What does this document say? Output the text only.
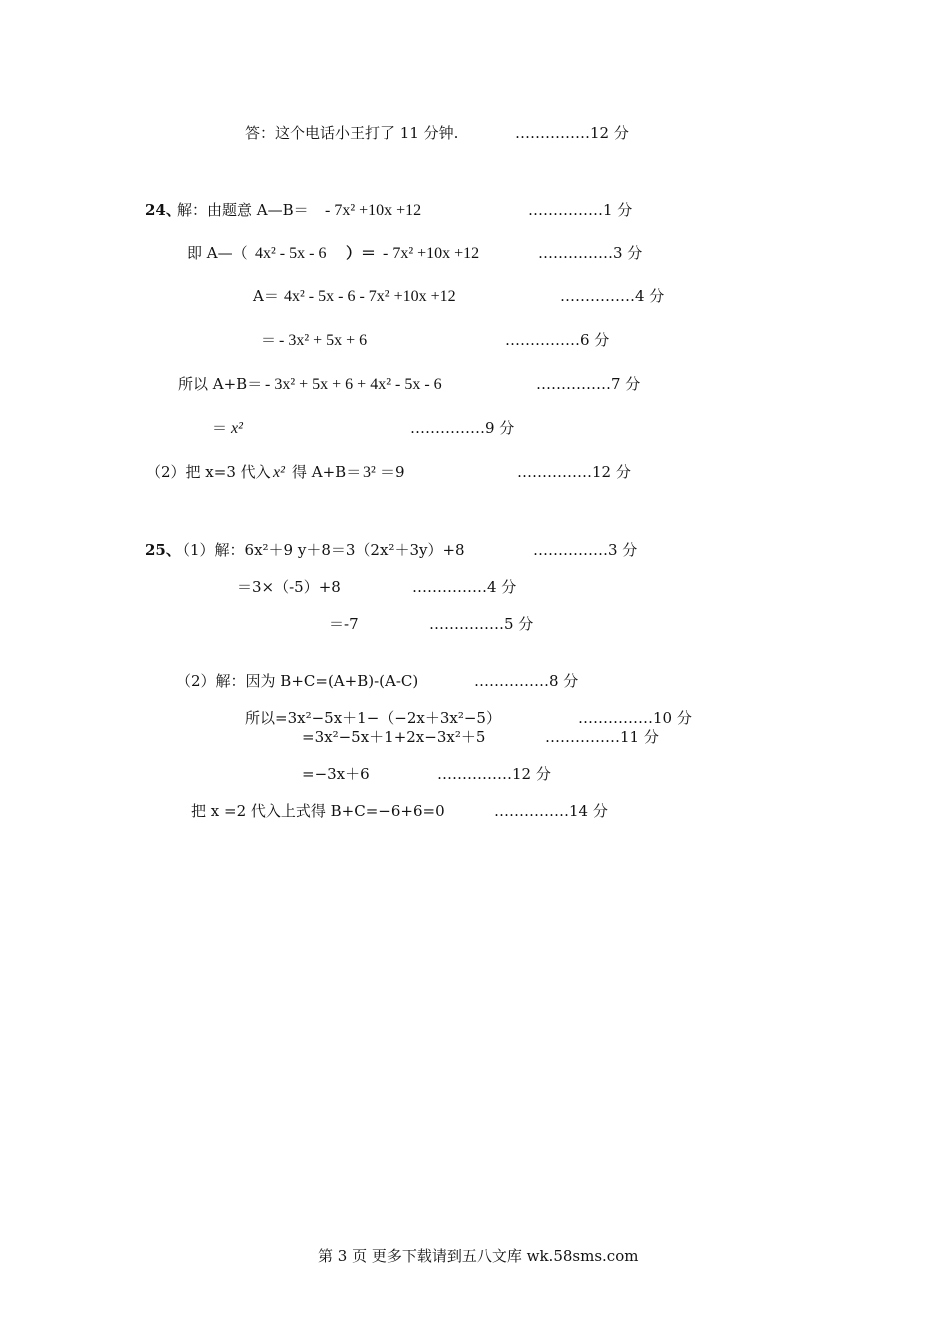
答：这个电话小王打了 11 分钟.	……………12 分
24、
解：由题意 A—B＝ - 7x² +10x +12	……………1 分
即 A—（ 4x² - 5x - 6 ）＝ - 7x² +10x +12	……………3 分
A＝ 4x² - 5x - 6 - 7x² +10x +12	……………4 分
＝ - 3x² + 5x + 6	……………6 分
所以 A+B＝ - 3x² + 5x + 6 + 4x² - 5x - 6	……………7 分
＝ x²	……………9 分
（2）把 x=3 代入 x² 得 A+B＝ 3² ＝9	……………12 分
25、
（1）解：6x²＋9 y＋8＝3（2x²＋3y）+8	……………3 分
＝3×（-5）+8	……………4 分
＝-7	……………5 分
（2）解：因为 B+C=(A+B)-(A-C)	……………8 分
所以=3x²−5x＋1−（−2x＋3x²−5）	……………10 分
=3x²−5x＋1+2x−3x²＋5	……………11 分
=−3x＋6	……………12 分
把 x =2 代入上式得 B+C=−6+6=0	……………14 分
第 3 页 更多下载请到五八文库 wk.58sms.com
